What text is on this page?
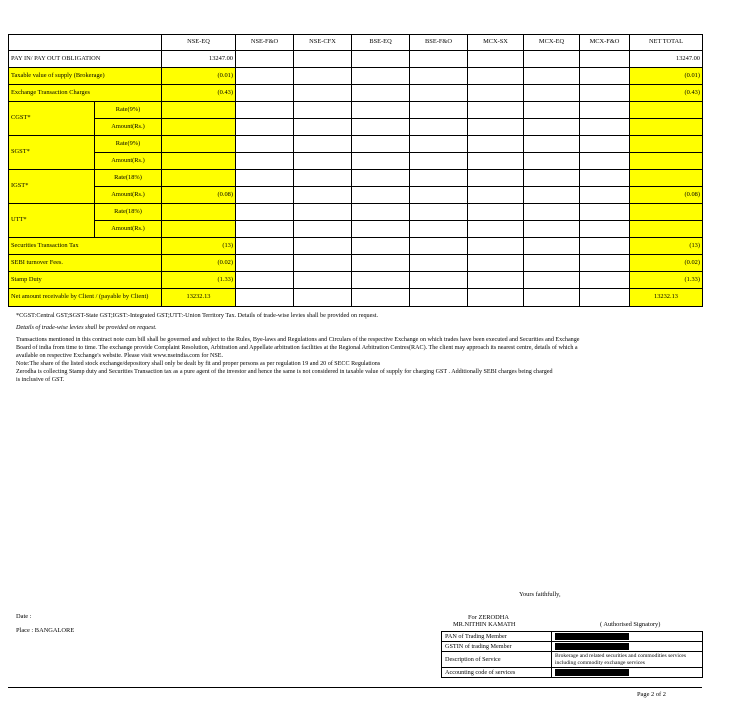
		NSE-EQ	NSE-F&O	NSE-CFX	BSE-EQ	BSE-F&O	MCX-SX	MCX-EQ	MCX-F&O	NET TOTAL
PAY IN/ PAY OUT OBLIGATION		13247.00								13247.00
Taxable value of supply (Brokerage)		(0.01)								(0.01)
Exchange Transaction Charges		(0.43)								(0.43)
CGST*	Rate(9%)									
	Amount(Rs.)									
SGST*	Rate(9%)									
	Amount(Rs.)									
IGST*	Rate(18%)									
	Amount(Rs.)	(0.08)								(0.08)
UTT*	Rate(18%)									
	Amount(Rs.)									
Securities Transaction Tax		(13)								(13)
SEBI turnover Fees.		(0.02)								(0.02)
Stamp Duty		(1.33)								(1.33)
Net amount receivable by Client / (payable by Client)		13232.13								13232.13
*CGST:Central GST;SGST-State GST;IGST:-Integrated GST;UTT:-Union Territory Tax. Details of trade-wise levies shall be provided on request.
Details of trade-wise levies shall be provided on request.
Transactions mentioned in this contract note cum bill shall be governed and subject to the Rules, Bye-laws and Regulations and Circulars of the respective Exchange on which trades have been executed and Securities and Exchange
Board of india from time to time. The exchange provide Complaint Resolution, Arbitration and Appellate arbitration facilities at the Regional Arbitration Centres(RAC). The client may approach its nearest centre, details of which a
available on respective Exchange's website. Please visit www.nseindia.com for NSE.
Note:The share of the listed stock exchange/depository shall only be dealt by fit and proper persons as per regulation 19 and 20 of SECC Regulations
Zerodha is collecting Stamp duty and Securities Transaction tax as a pure agent of the investor and hence the same is not considered in taxable value of supply for charging GST . Additionally SEBI charges being charged
is inclusive of GST.
Yours faithfully,
Date :
Place : BANGALORE
For ZERODHA
MR.NITHIN KAMATH	( Authorised Signatory)
PAN of Trading Member	

GSTIN of trading Member	

Description of Service	Brokerage and related securities and commodities services including commodity exchange services
Accounting code of services	
Page 2 of 2
